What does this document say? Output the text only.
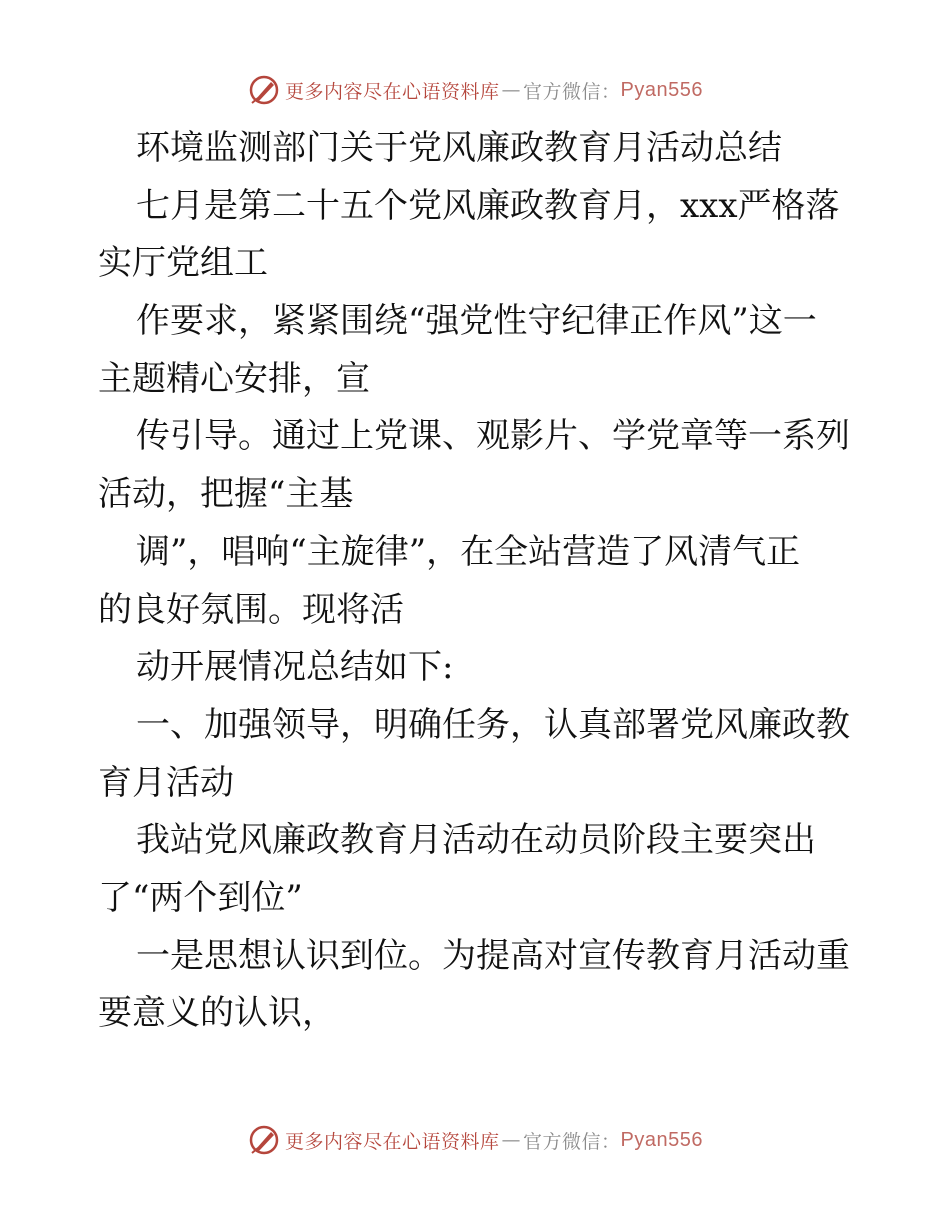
更多内容尽在心语资料库 — 官方微信： Pyan556
环境监测部门关于党风廉政教育月活动总结
七月是第二十五个党风廉政教育月，xxx严格落
实厅党组工
作要求，紧紧围绕“强党性守纪律正作风”这一
主题精心安排，宣
传引导。通过上党课、观影片、学党章等一系列
活动，把握“主基
调”，唱响“主旋律”，在全站营造了风清气正
的良好氛围。现将活
动开展情况总结如下:
一、加强领导，明确任务，认真部署党风廉政教
育月活动
我站党风廉政教育月活动在动员阶段主要突出
了“两个到位”
一是思想认识到位。为提高对宣传教育月活动重
要意义的认识，
更多内容尽在心语资料库 — 官方微信： Pyan556
